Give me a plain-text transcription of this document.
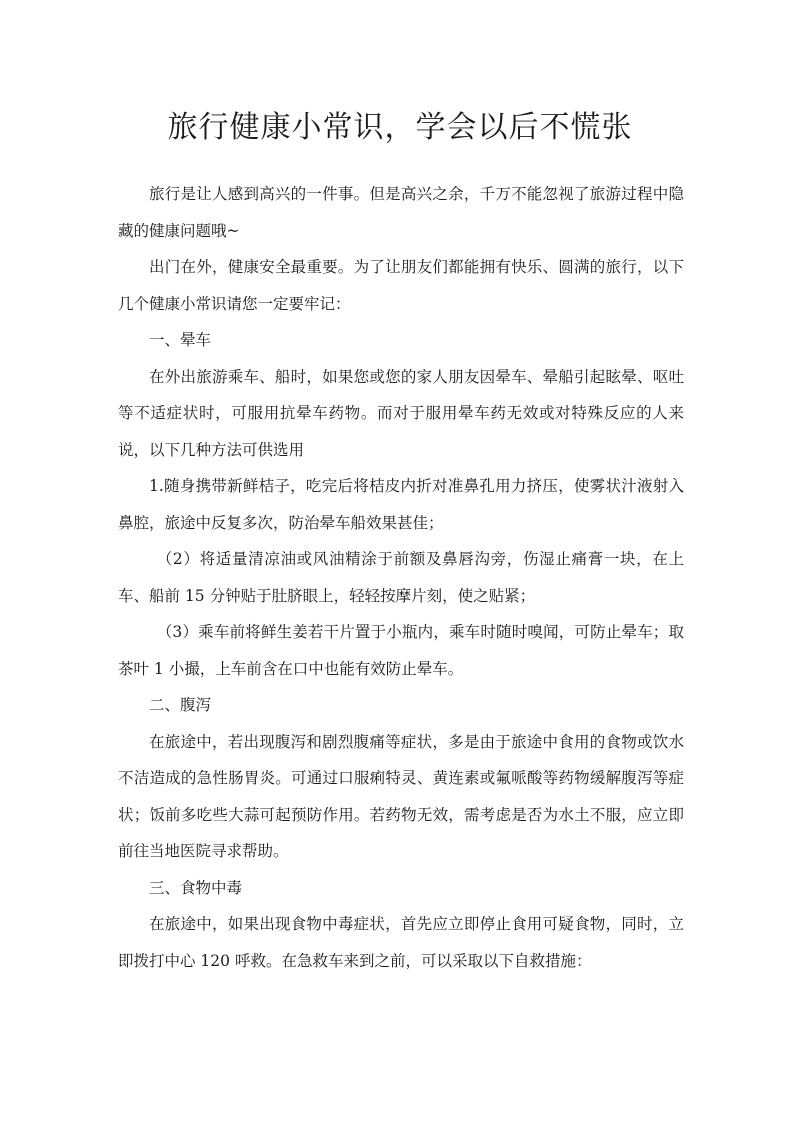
旅行健康小常识，学会以后不慌张

旅行是让人感到高兴的一件事。但是高兴之余，千万不能忽视了旅游过程中隐藏的健康问题哦~

出门在外，健康安全最重要。为了让朋友们都能拥有快乐、圆满的旅行，以下几个健康小常识请您一定要牢记：

一、晕车

在外出旅游乘车、船时，如果您或您的家人朋友因晕车、晕船引起眩晕、呕吐等不适症状时，可服用抗晕车药物。而对于服用晕车药无效或对特殊反应的人来说，以下几种方法可供选用

1.随身携带新鲜桔子，吃完后将桔皮内折对准鼻孔用力挤压，使雾状汁液射入鼻腔，旅途中反复多次，防治晕车船效果甚佳；

（2）将适量清凉油或风油精涂于前额及鼻唇沟旁，伤湿止痛膏一块，在上车、船前 15 分钟贴于肚脐眼上，轻轻按摩片刻，使之贴紧；

（3）乘车前将鲜生姜若干片置于小瓶内，乘车时随时嗅闻，可防止晕车；取茶叶 1 小撮，上车前含在口中也能有效防止晕车。

二、腹泻

在旅途中，若出现腹泻和剧烈腹痛等症状，多是由于旅途中食用的食物或饮水不洁造成的急性肠胃炎。可通过口服痢特灵、黄连素或氟哌酸等药物缓解腹泻等症状；饭前多吃些大蒜可起预防作用。若药物无效，需考虑是否为水土不服，应立即前往当地医院寻求帮助。

三、食物中毒

在旅途中，如果出现食物中毒症状，首先应立即停止食用可疑食物，同时，立即拨打中心 120 呼救。在急救车来到之前，可以采取以下自救措施：
